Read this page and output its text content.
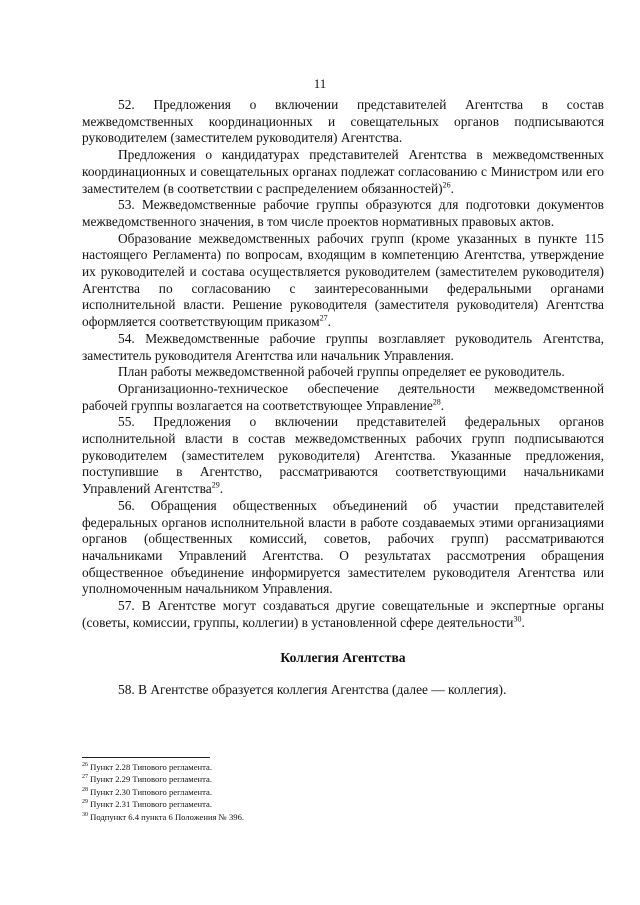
11

52. Предложения о включении представителей Агентства в состав межведомственных координационных и совещательных органов подписываются руководителем (заместителем руководителя) Агентства.

Предложения о кандидатурах представителей Агентства в межведомственных координационных и совещательных органах подлежат согласованию с Министром или его заместителем (в соответствии с распределением обязанностей)$^{26}$.

53. Межведомственные рабочие группы образуются для подготовки документов межведомственного значения, в том числе проектов нормативных правовых актов.

Образование межведомственных рабочих групп (кроме указанных в пункте 115 настоящего Регламента) по вопросам, входящим в компетенцию Агентства, утверждение их руководителей и состава осуществляется руководителем (заместителем руководителя) Агентства по согласованию с заинтересованными федеральными органами исполнительной власти. Решение руководителя (заместителя руководителя) Агентства оформляется соответствующим приказом$^{27}$.

54. Межведомственные рабочие группы возглавляет руководитель Агентства, заместитель руководителя Агентства или начальник Управления.

План работы межведомственной рабочей группы определяет ее руководитель.

Организационно-техническое обеспечение деятельности межведомственной рабочей группы возлагается на соответствующее Управление$^{28}$.

55. Предложения о включении представителей федеральных органов исполнительной власти в состав межведомственных рабочих групп подписываются руководителем (заместителем руководителя) Агентства. Указанные предложения, поступившие в Агентство, рассматриваются соответствующими начальниками Управлений Агентства$^{29}$.

56. Обращения общественных объединений об участии представителей федеральных органов исполнительной власти в работе создаваемых этими организациями органов (общественных комиссий, советов, рабочих групп) рассматриваются начальниками Управлений Агентства. О результатах рассмотрения обращения общественное объединение информируется заместителем руководителя Агентства или уполномоченным начальником Управления.

57. В Агентстве могут создаваться другие совещательные и экспертные органы (советы, комиссии, группы, коллегии) в установленной сфере деятельности$^{30}$.

Коллегия Агентства

58. В Агентстве образуется коллегия Агентства (далее — коллегия).

$^{26}$ Пункт 2.28 Типового регламента.
$^{27}$ Пункт 2.29 Типового регламента.
$^{28}$ Пункт 2.30 Типового регламента.
$^{29}$ Пункт 2.31 Типового регламента.
$^{30}$ Подпункт 6.4 пункта 6 Положения № 396.
